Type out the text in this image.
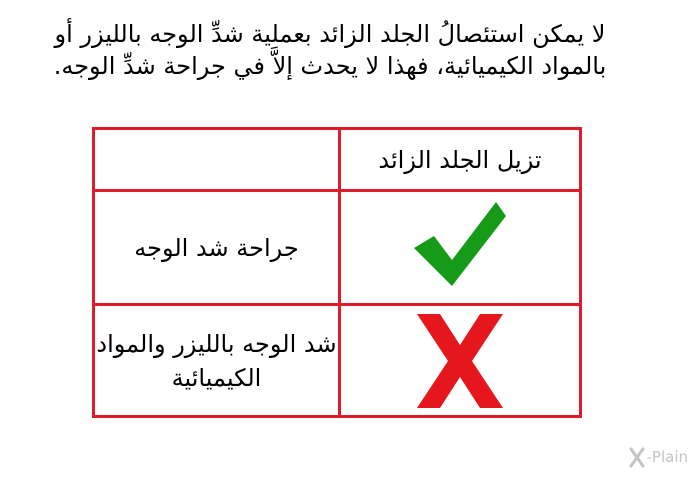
لا يمكن استئصالُ الجلد الزائد بعملية شدِّ الوجه بالليزر أو بالمواد الكيميائية، فهذا لا يحدث إلاَّ في جراحة شدِّ الوجه.
تزيل الجلد الزائد
جراحة شد الوجه
شد الوجه بالليزر والمواد الكيميائية
-Plain
